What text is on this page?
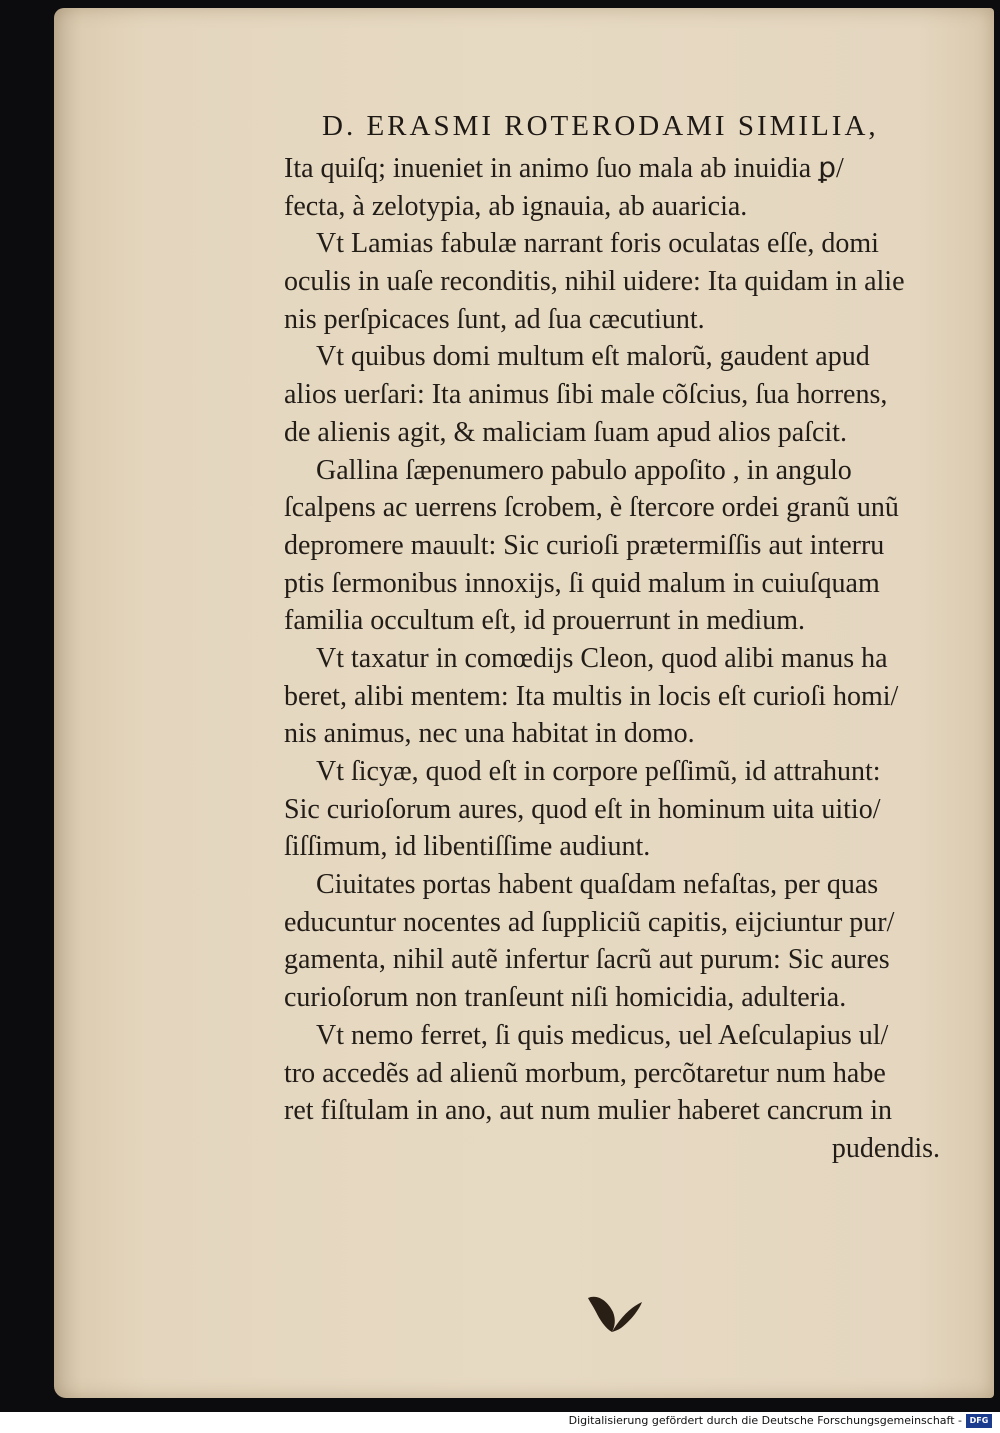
D. ERASMI ROTERODAMI SIMILIA,
Ita quiſq; inueniet in animo ſuo mala ab inuidia ꝑ/
fecta, à zelotypia, ab ignauia, ab auaricia.
Vt Lamias fabulæ narrant foris oculatas eſſe, domi
oculis in uaſe reconditis, nihil uidere: Ita quidam in alie
nis perſpicaces ſunt, ad ſua cæcutiunt.
Vt quibus domi multum eſt malorũ, gaudent apud
alios uerſari: Ita animus ſibi male cõſcius, ſua horrens,
de alienis agit, & maliciam ſuam apud alios paſcit.
Gallina ſæpenumero pabulo appoſito , in angulo
ſcalpens ac uerrens ſcrobem, è ſtercore ordei granũ unũ
depromere mauult: Sic curioſi prætermiſſis aut interru
ptis ſermonibus innoxijs, ſi quid malum in cuiuſquam
familia occultum eſt, id prouerrunt in medium.
Vt taxatur in comœdijs Cleon, quod alibi manus ha
beret, alibi mentem: Ita multis in locis eſt curioſi homi/
nis animus, nec una habitat in domo.
Vt ſicyæ, quod eſt in corpore peſſimũ, id attrahunt:
Sic curioſorum aures, quod eſt in hominum uita uitio/
ſiſſimum, id libentiſſime audiunt.
Ciuitates portas habent quaſdam nefaſtas, per quas
educuntur nocentes ad ſuppliciũ capitis, eijciuntur pur/
gamenta, nihil autẽ infertur ſacrũ aut purum: Sic aures
curioſorum non tranſeunt niſi homicidia, adulteria.
Vt nemo ferret, ſi quis medicus, uel Aeſculapius ul/
tro accedẽs ad alienũ morbum, percõtaretur num habe
ret fiſtulam in ano, aut num mulier haberet cancrum in
pudendis.
Digitalisierung gefördert durch die Deutsche Forschungsgemeinschaft - DFG
